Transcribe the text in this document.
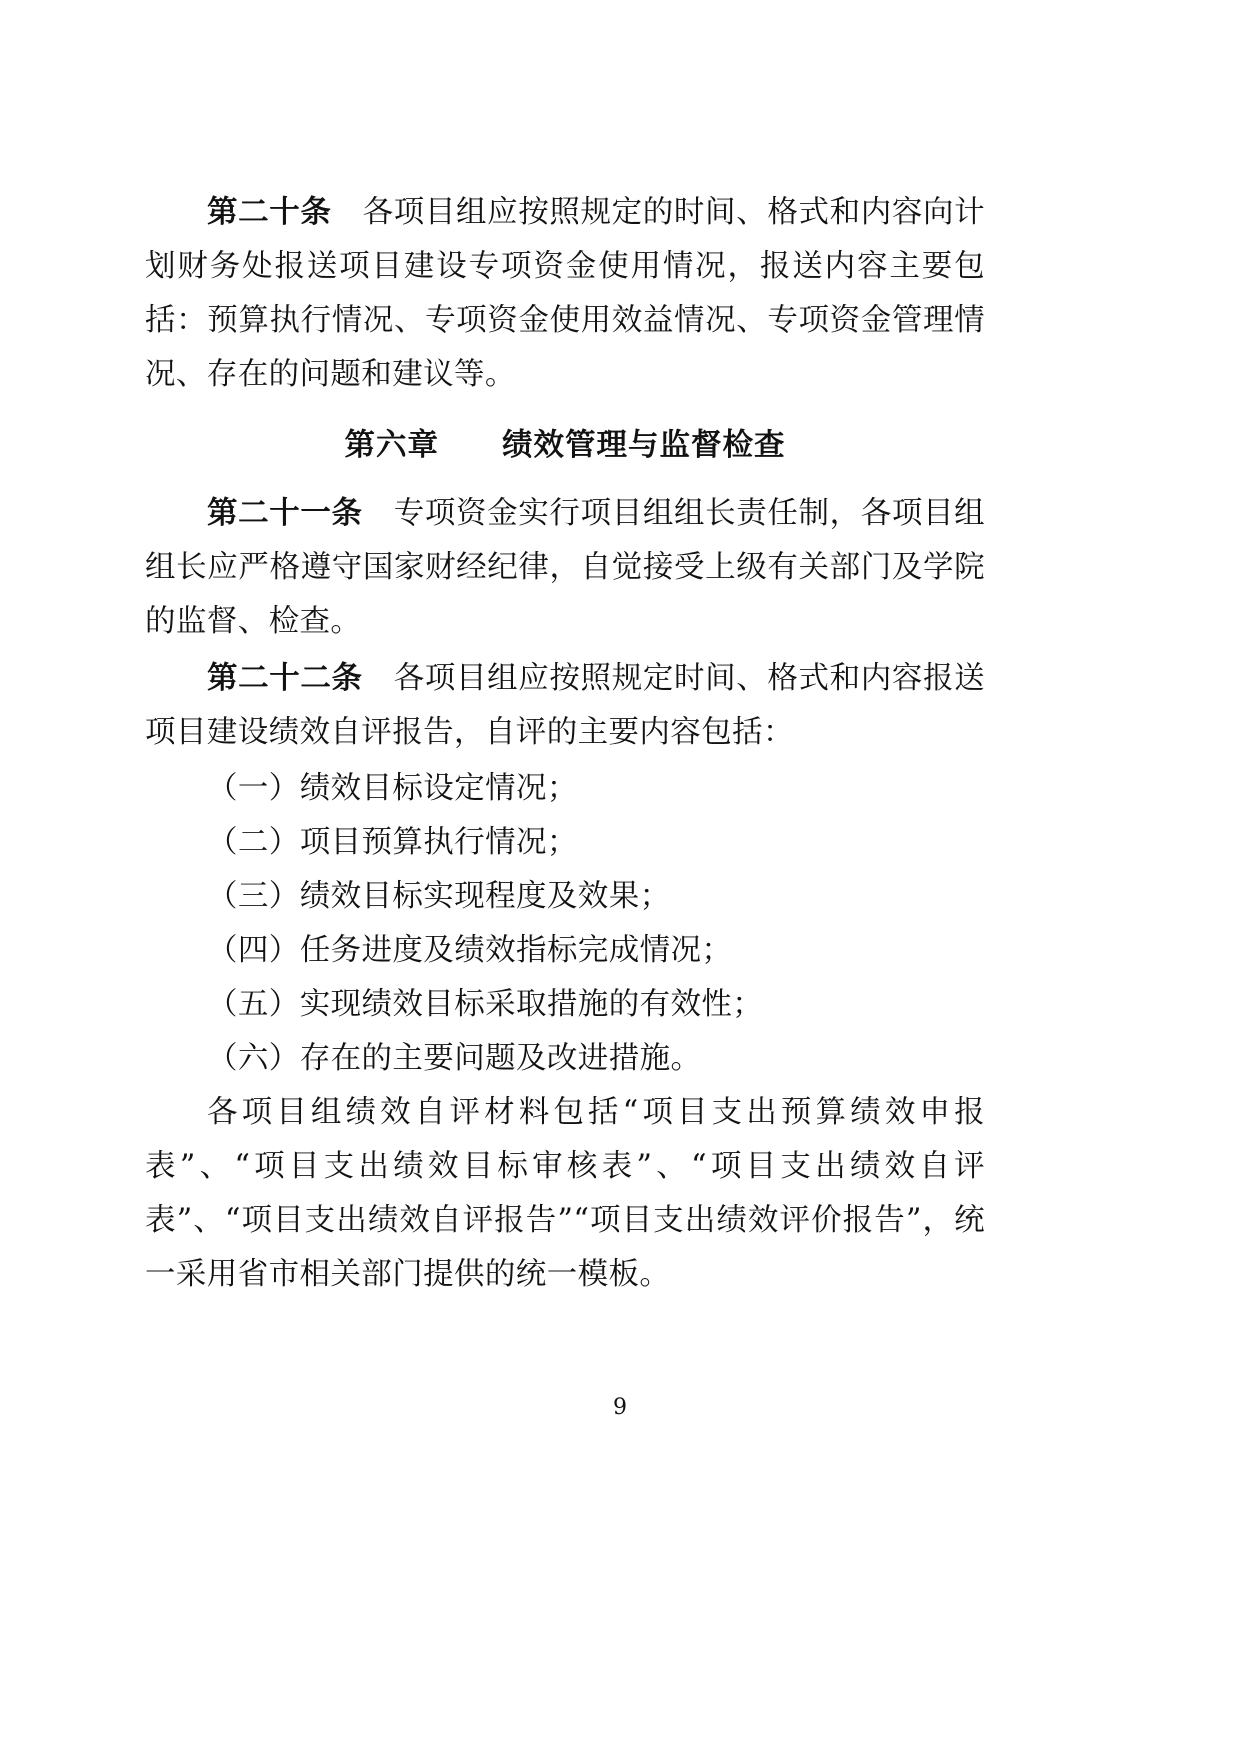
第二十条　各项目组应按照规定的时间、格式和内容向计划财务处报送项目建设专项资金使用情况，报送内容主要包括：预算执行情况、专项资金使用效益情况、专项资金管理情况、存在的问题和建议等。

第六章　　绩效管理与监督检查

第二十一条　专项资金实行项目组组长责任制，各项目组组长应严格遵守国家财经纪律，自觉接受上级有关部门及学院的监督、检查。

第二十二条　各项目组应按照规定时间、格式和内容报送项目建设绩效自评报告，自评的主要内容包括：

（一）绩效目标设定情况；

（二）项目预算执行情况；

（三）绩效目标实现程度及效果；

（四）任务进度及绩效指标完成情况；

（五）实现绩效目标采取措施的有效性；

（六）存在的主要问题及改进措施。

各项目组绩效自评材料包括“项目支出预算绩效申报表”、“项目支出绩效目标审核表”、“项目支出绩效自评表”、“项目支出绩效自评报告”“项目支出绩效评价报告”，统一采用省市相关部门提供的统一模板。

9
